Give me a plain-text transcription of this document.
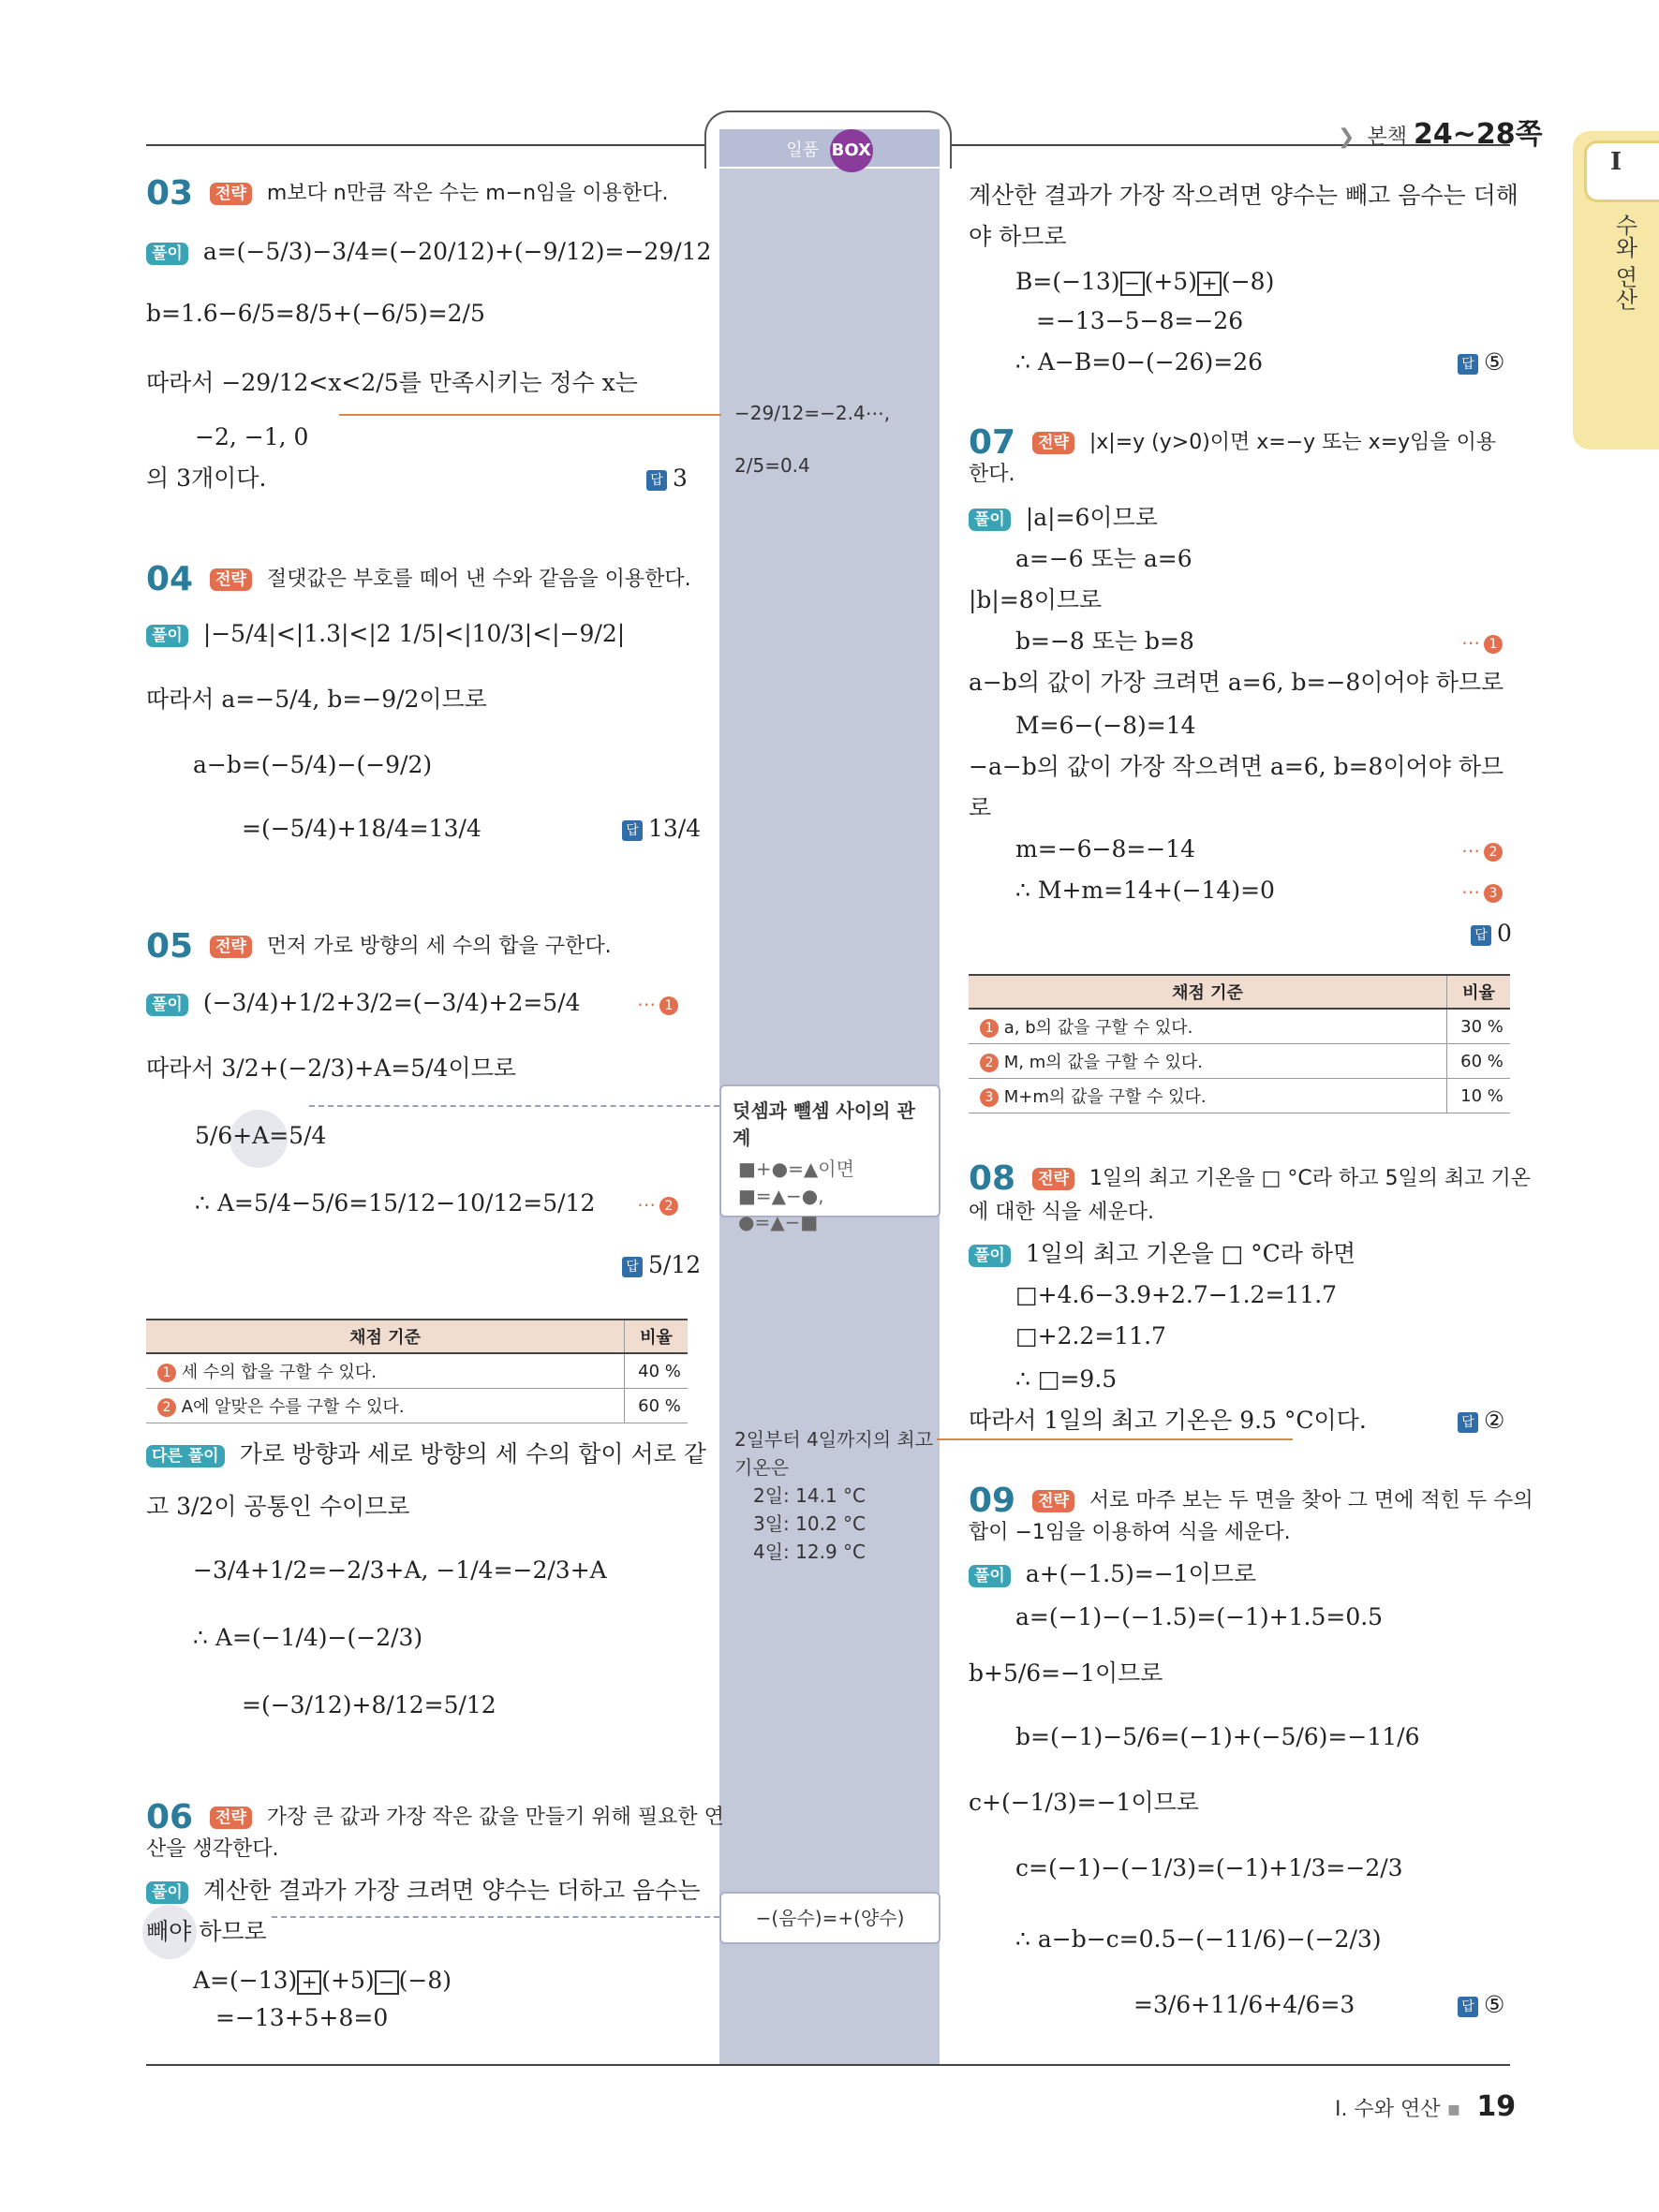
일품 BOX
❯ 본책 24~28쪽
I
수와 연산
03 전략 m보다 n만큼 작은 수는 m−n임을 이용한다.
풀이 a=(−5/3)−3/4=(−20/12)+(−9/12)=−29/12
b=1.6−6/5=8/5+(−6/5)=2/5
따라서 −29/12<x<2/5를 만족시키는 정수 x는
−2, −1, 0
의 3개이다.	답 3
04 전략 절댓값은 부호를 떼어 낸 수와 같음을 이용한다.
풀이 |−5/4|<|1.3|<|2 1/5|<|10/3|<|−9/2|
따라서 a=−5/4, b=−9/2이므로
a−b=(−5/4)−(−9/2)
=(−5/4)+18/4=13/4	답 13/4
05 전략 먼저 가로 방향의 세 수의 합을 구한다.
풀이 (−3/4)+1/2+3/2=(−3/4)+2=5/4	⋯ 1
따라서 3/2+(−2/3)+A=5/4이므로
5/6+A=5/4
∴ A=5/4−5/6=15/12−10/12=5/12 ⋯ 2
답 5/12
채점 기준	비율
1 세 수의 합을 구할 수 있다.	40 %
2 A에 알맞은 수를 구할 수 있다.	60 %
다른 풀이 가로 방향과 세로 방향의 세 수의 합이 서로 같
고 3/2이 공통인 수이므로
−3/4+1/2=−2/3+A, −1/4=−2/3+A
∴ A=(−1/4)−(−2/3)
=(−3/12)+8/12=5/12
06 전략 가장 큰 값과 가장 작은 값을 만들기 위해 필요한 연
산을 생각한다.
풀이 계산한 결과가 가장 크려면 양수는 더하고 음수는
빼야 하므로
A=(−13) + (+5) − (−8)
=−13+5+8=0
−29/12=−2.4⋯,
2/5=0.4
덧셈과 뺄셈 사이의 관계
■+●=▲이면
■=▲−●,
●=▲−■
2일부터 4일까지의 최고
기온은
2일: 14.1 °C
3일: 10.2 °C
4일: 12.9 °C
−(음수)=+(양수)
계산한 결과가 가장 작으려면 양수는 빼고 음수는 더해
야 하므로
B=(−13) − (+5) + (−8)
=−13−5−8=−26
∴ A−B=0−(−26)=26	답 ⑤
07 전략 |x|=y (y>0)이면 x=−y 또는 x=y임을 이용
한다.
풀이 |a|=6이므로
a=−6 또는 a=6
|b|=8이므로
b=−8 또는 b=8	⋯ 1
a−b의 값이 가장 크려면 a=6, b=−8이어야 하므로
M=6−(−8)=14
−a−b의 값이 가장 작으려면 a=6, b=8이어야 하므
로
m=−6−8=−14	⋯ 2
∴ M+m=14+(−14)=0	⋯ 3
답 0
채점 기준	비율
1 a, b의 값을 구할 수 있다.	30 %
2 M, m의 값을 구할 수 있다.	60 %
3 M+m의 값을 구할 수 있다.	10 %
08 전략 1일의 최고 기온을 □ °C라 하고 5일의 최고 기온
에 대한 식을 세운다.
풀이 1일의 최고 기온을 □ °C라 하면
□+4.6−3.9+2.7−1.2=11.7
□+2.2=11.7
∴ □=9.5
따라서 1일의 최고 기온은 9.5 °C이다.	답 ②
09 전략 서로 마주 보는 두 면을 찾아 그 면에 적힌 두 수의
합이 −1임을 이용하여 식을 세운다.
풀이 a+(−1.5)=−1이므로
a=(−1)−(−1.5)=(−1)+1.5=0.5
b+5/6=−1이므로
b=(−1)−5/6=(−1)+(−5/6)=−11/6
c+(−1/3)=−1이므로
c=(−1)−(−1/3)=(−1)+1/3=−2/3
∴ a−b−c=0.5−(−11/6)−(−2/3)
=3/6+11/6+4/6=3	답 ⑤
I. 수와 연산 ▪ 19
